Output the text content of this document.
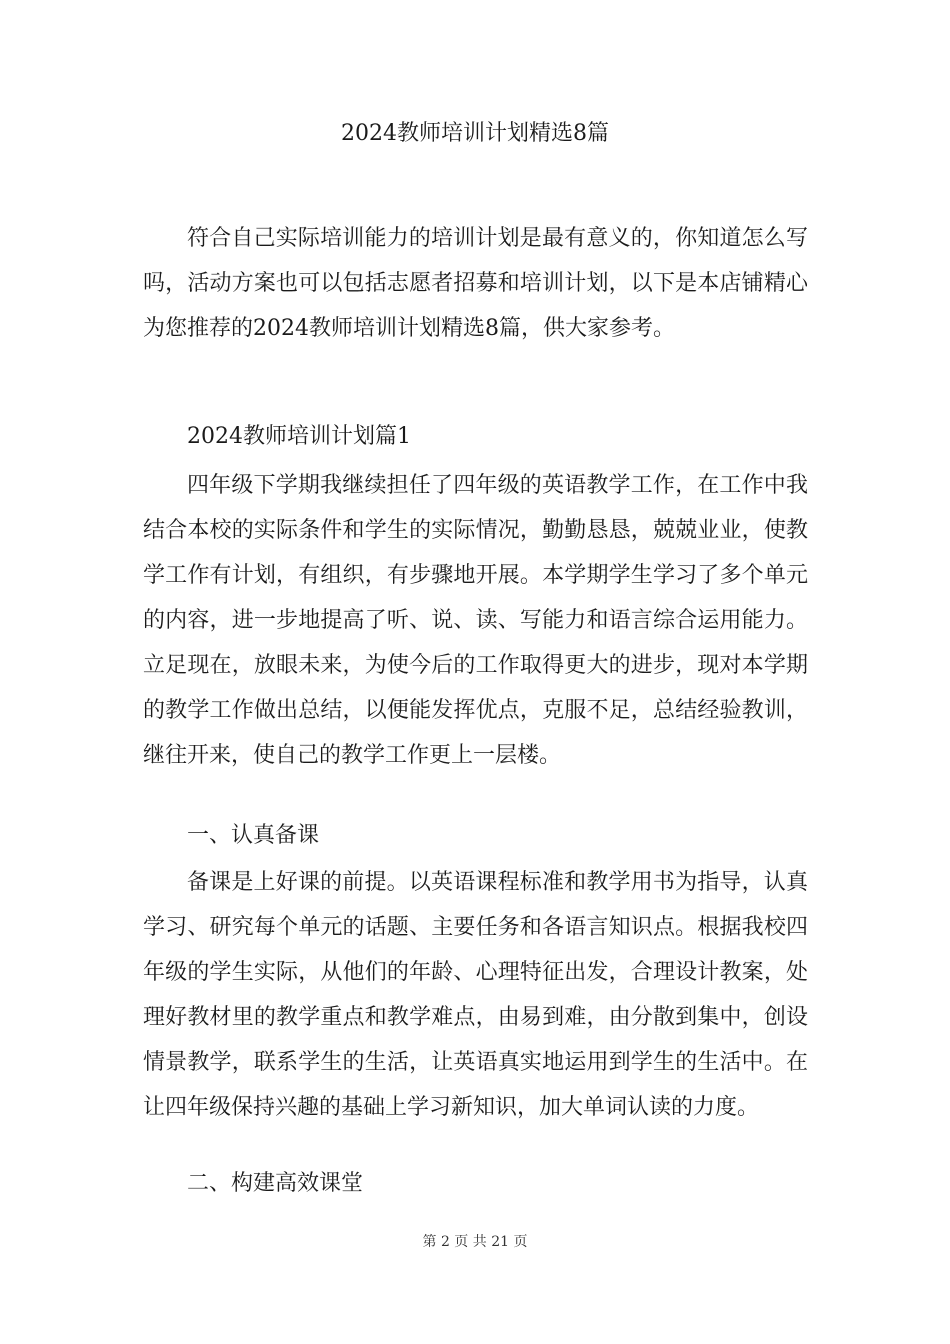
2024教师培训计划精选8篇

符合自己实际培训能力的培训计划是最有意义的，你知道怎么写吗，活动方案也可以包括志愿者招募和培训计划，以下是本店铺精心为您推荐的2024教师培训计划精选8篇，供大家参考。

2024教师培训计划篇1

四年级下学期我继续担任了四年级的英语教学工作，在工作中我结合本校的实际条件和学生的实际情况，勤勤恳恳，兢兢业业，使教学工作有计划，有组织，有步骤地开展。本学期学生学习了多个单元的内容，进一步地提高了听、说、读、写能力和语言综合运用能力。立足现在，放眼未来，为使今后的工作取得更大的进步，现对本学期的教学工作做出总结，以便能发挥优点，克服不足，总结经验教训，继往开来，使自己的教学工作更上一层楼。

一、认真备课

备课是上好课的前提。以英语课程标准和教学用书为指导，认真学习、研究每个单元的话题、主要任务和各语言知识点。根据我校四年级的学生实际，从他们的年龄、心理特征出发，合理设计教案，处理好教材里的教学重点和教学难点，由易到难，由分散到集中，创设情景教学，联系学生的生活，让英语真实地运用到学生的生活中。在让四年级保持兴趣的基础上学习新知识，加大单词认读的力度。

二、构建高效课堂

第 2 页 共 21 页
